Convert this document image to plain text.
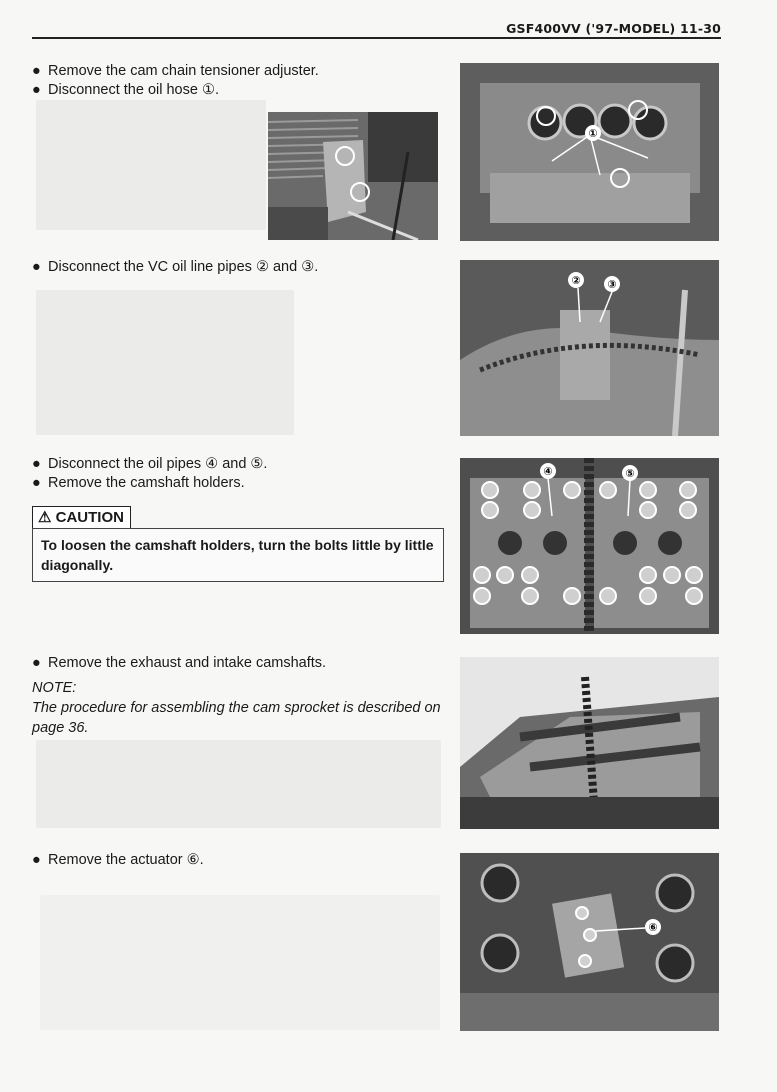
GSF400VV ('97-MODEL) 11-30
● Remove the cam chain tensioner adjuster.
● Disconnect the oil hose ①.
● Disconnect the VC oil line pipes ② and ③.
● Disconnect the oil pipes ④ and ⑤.
● Remove the camshaft holders.
⚠ CAUTION
To loosen the camshaft holders, turn the bolts little by little diagonally.
● Remove the exhaust and intake camshafts.
NOTE:
The procedure for assembling the cam sprocket is described on page 36.
● Remove the actuator ⑥.
①
② ③
④	⑤
⑥
